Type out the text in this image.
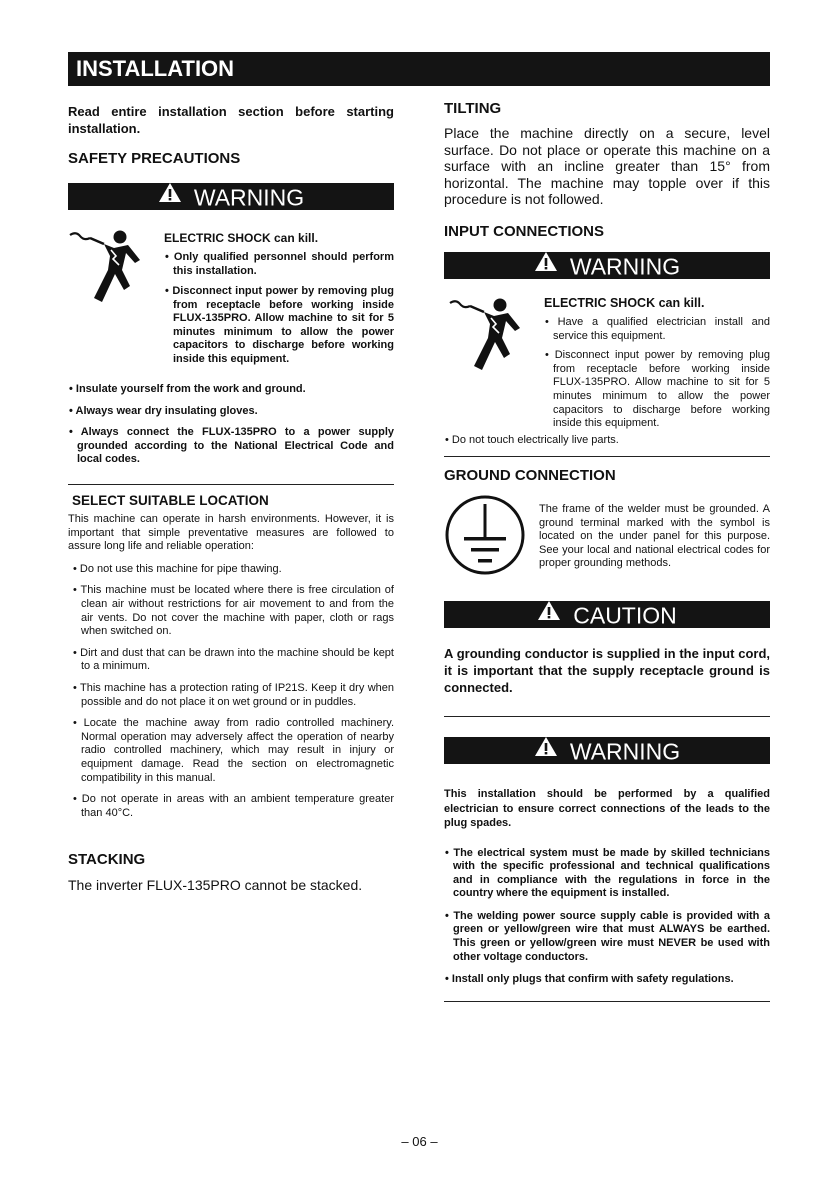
INSTALLATION
Read entire installation section before starting installation.
SAFETY PRECAUTIONS
WARNING
ELECTRIC SHOCK can kill.

• Only qualified personnel should perform this installation.

• Disconnect input power by removing plug from receptacle before working inside FLUX-135PRO. Allow machine to sit for 5 minutes minimum to allow the power capacitors to discharge before working inside this equipment.

• Insulate yourself from the work and ground.

• Always wear dry insulating gloves.

• Always connect the FLUX-135PRO to a power supply grounded according to the National Electrical Code and local codes.

SELECT SUITABLE LOCATION
This machine can operate in harsh environments. However, it is important that simple preventative measures are followed to assure long life and reliable operation:

• Do not use this machine for pipe thawing.

• This machine must be located where there is free circulation of clean air without restrictions for air movement to and from the air vents. Do not cover the machine with paper, cloth or rags when switched on.

• Dirt and dust that can be drawn into the machine should be kept to a minimum.

• This machine has a protection rating of IP21S. Keep it dry when possible and do not place it on wet ground or in puddles.

• Locate the machine away from radio controlled machinery. Normal operation may adversely affect the operation of nearby radio controlled machinery, which may result in injury or equipment damage. Read the section on electromagnetic compatibility in this manual.

• Do not operate in areas with an ambient temperature greater than 40°C.

STACKING
The inverter FLUX-135PRO cannot be stacked.
TILTING
Place the machine directly on a secure, level surface. Do not place or operate this machine on a surface with an incline greater than 15° from horizontal. The machine may topple over if this procedure is not followed.
INPUT CONNECTIONS
WARNING
ELECTRIC SHOCK can kill.

• Have a qualified electrician install and service this equipment.

• Disconnect input power by removing plug from receptacle before working inside FLUX-135PRO. Allow machine to sit for 5 minutes minimum to allow the power capacitors to discharge before working inside this equipment.

• Do not touch electrically live parts.

GROUND CONNECTION
The frame of the welder must be grounded. A ground terminal marked with the symbol is located on the under panel for this purpose. See your local and national electrical codes for proper grounding methods.
CAUTION
A grounding conductor is supplied in the input cord, it is important that the supply receptacle ground is connected.
WARNING
This installation should be performed by a qualified electrician to ensure correct connections of the leads to the plug spades.

• The electrical system must be made by skilled technicians with the specific professional and technical qualifications and in compliance with the regulations in force in the country where the equipment is installed.

• The welding power source supply cable is provided with a green or yellow/green wire that must ALWAYS be earthed. This green or yellow/green wire must NEVER be used with other voltage conductors.

• Install only plugs that confirm with safety regulations.

– 06 –
